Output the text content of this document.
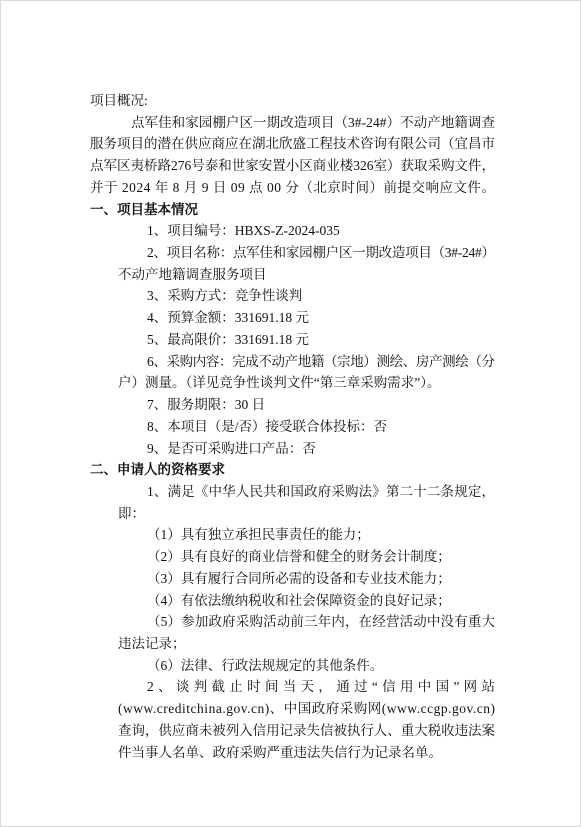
项目概况:
点军佳和家园棚户区一期改造项目（3#-24#）不动产地籍调查
服务项目的潜在供应商应在湖北欣盛工程技术咨询有限公司（宜昌市
点军区夷桥路276号泰和世家安置小区商业楼326室）获取采购文件，
并于 2024 年 8 月 9 日 09 点 00 分（北京时间）前提交响应文件。
一、项目基本情况
1、项目编号：HBXS-Z-2024-035
2、项目名称：点军佳和家园棚户区一期改造项目（3#-24#）
不动产地籍调查服务项目
3、采购方式：竞争性谈判
4、预算金额：331691.18 元
5、最高限价：331691.18 元
6、采购内容：完成不动产地籍（宗地）测绘、房产测绘（分
户）测量。（详见竞争性谈判文件“第三章采购需求”）。
7、服务期限：30 日
8、本项目（是/否）接受联合体投标：否
9、是否可采购进口产品：否
二、申请人的资格要求
1、满足《中华人民共和国政府采购法》第二十二条规定，
即：
（1）具有独立承担民事责任的能力；
（2）具有良好的商业信誉和健全的财务会计制度；
（3）具有履行合同所必需的设备和专业技术能力；
（4）有依法缴纳税收和社会保障资金的良好记录；
（5）参加政府采购活动前三年内，在经营活动中没有重大
违法记录；
（6）法律、行政法规规定的其他条件。
2、谈判截止时间当天，通过“信用中国”网站
(www.creditchina.gov.cn)、中国政府采购网(www.ccgp.gov.cn)
查询，供应商未被列入信用记录失信被执行人、重大税收违法案
件当事人名单、政府采购严重违法失信行为记录名单。
